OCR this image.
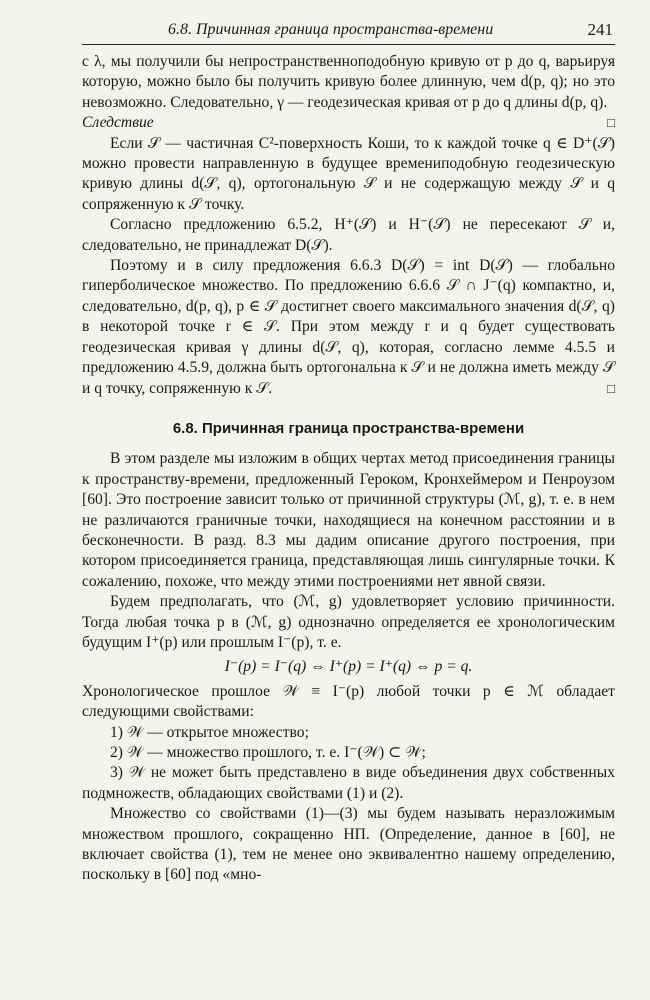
6.8. Причинная граница пространства-времени	241

с λ, мы получили бы непространственноподобную кривую от p до q, варьируя которую, можно было бы получить кривую более длинную, чем d(p, q); но это невозможно. Следовательно, γ — геодезическая кривая от p до q длины d(p, q).
□

Следствие

Если 𝒮 — частичная C²-поверхность Коши, то к каждой точке q ∈ D⁺(𝒮) можно провести направленную в будущее времениподобную геодезическую кривую длины d(𝒮, q), ортогональную 𝒮 и не содержащую между 𝒮 и q сопряженную к 𝒮 точку.

Согласно предложению 6.5.2, H⁺(𝒮) и H⁻(𝒮) не пересекают 𝒮 и, следовательно, не принадлежат D(𝒮).

Поэтому и в силу предложения 6.6.3 D(𝒮) = int D(𝒮) — глобально гиперболическое множество. По предложению 6.6.6 𝒮 ∩ J⁻(q) компактно, и, следовательно, d(p, q), p ∈ 𝒮 достигнет своего максимального значения d(𝒮, q) в некоторой точке r ∈ 𝒮. При этом между r и q будет существовать геодезическая кривая γ длины d(𝒮, q), которая, согласно лемме 4.5.5 и предложению 4.5.9, должна быть ортогональна к 𝒮 и не должна иметь между 𝒮 и q точку, сопряженную к 𝒮.	□

6.8. Причинная граница пространства-времени

В этом разделе мы изложим в общих чертах метод присоединения границы к пространству-времени, предложенный Героком, Кронхеймером и Пенроузом [60]. Это построение зависит только от причинной структуры (ℳ, g), т. е. в нем не различаются граничные точки, находящиеся на конечном расстоянии и в бесконечности. В разд. 8.3 мы дадим описание другого построения, при котором присоединяется граница, представляющая лишь сингулярные точки. К сожалению, похоже, что между этими построениями нет явной связи.

Будем предполагать, что (ℳ, g) удовлетворяет условию причинности. Тогда любая точка p в (ℳ, g) однозначно определяется ее хронологическим будущим I⁺(p) или прошлым I⁻(p), т. е.

I⁻(p) = I⁻(q) ⇔ I⁺(p) = I⁺(q) ⇔ p = q.

Хронологическое прошлое 𝒲 ≡ I⁻(p) любой точки p ∈ ℳ обладает следующими свойствами:

1) 𝒲 — открытое множество;

2) 𝒲 — множество прошлого, т. е. I⁻(𝒲) ⊂ 𝒲;

3) 𝒲 не может быть представлено в виде объединения двух собственных подмножеств, обладающих свойствами (1) и (2).

Множество со свойствами (1)—(3) мы будем называть неразложимым множеством прошлого, сокращенно НП. (Определение, данное в [60], не включает свойства (1), тем не менее оно эквивалентно нашему определению, поскольку в [60] под «мно-
